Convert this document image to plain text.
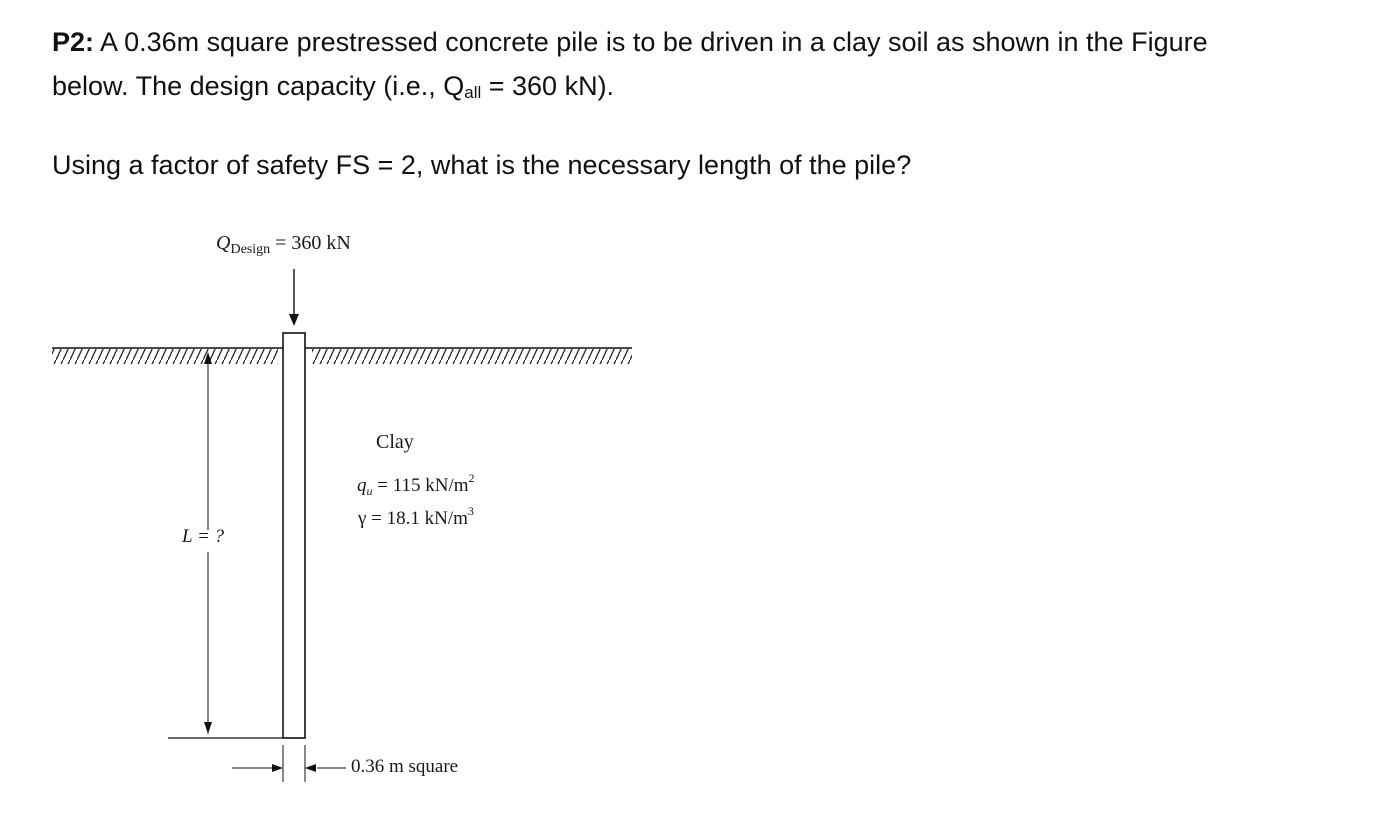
P2: A 0.36m square prestressed concrete pile is to be driven in a clay soil as shown in the Figure
below. The design capacity (i.e., Qall = 360 kN).

Using a factor of safety FS = 2, what is the necessary length of the pile?

$Q_{Design} = 360$ kN
L = ?
Clay
$q_u = 115$ $kN/m^2$
γ = 18.1 $kN/m^3$
0.36 m square
